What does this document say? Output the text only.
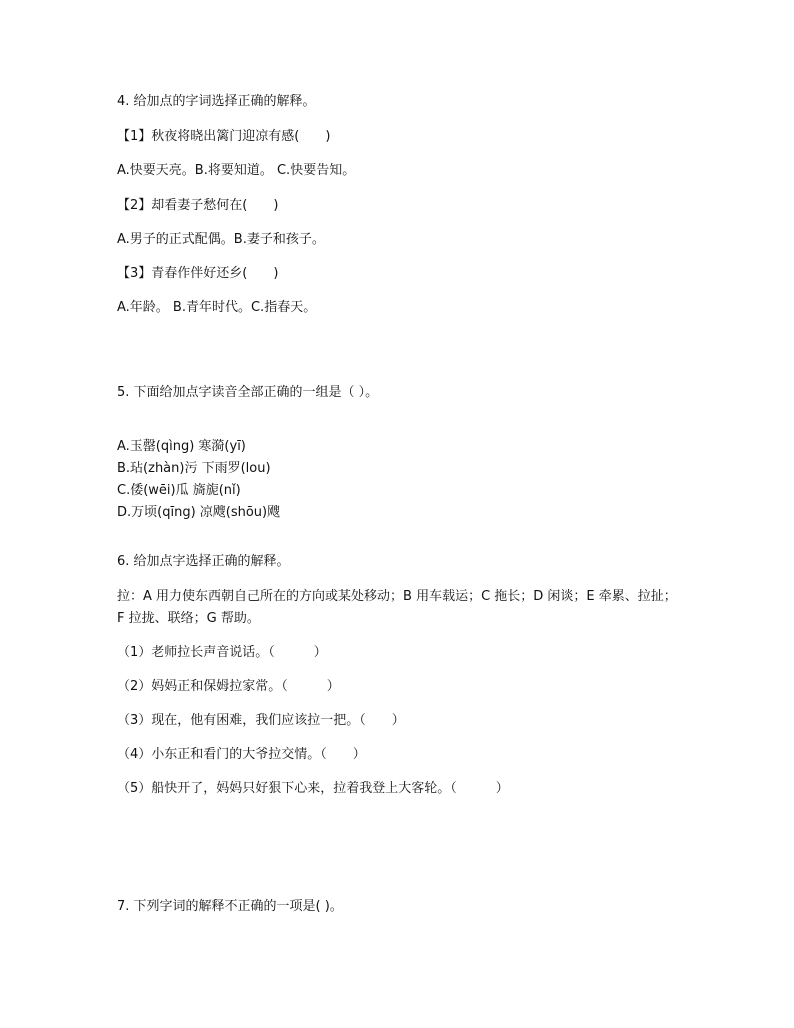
4. 给加点的字词选择正确的解释。
【1】秋夜将晓出篱门迎凉有感(　　)
A.快要天亮。B.将要知道。 C.快要告知。
【2】却看妻子愁何在(　　)
A.男子的正式配偶。B.妻子和孩子。
【3】青春作伴好还乡(　　)
A.年龄。 B.青年时代。C.指春天。
5. 下面给加点字读音全部正确的一组是（ ）。
A.玉罄(qìng) 寒漪(yī)
B.玷(zhàn)污 下雨罗(lou)
C.倭(wēi)瓜 旖旎(nǐ)
D.万顷(qīng) 凉飕(shōu)飕
6. 给加点字选择正确的解释。
拉：A 用力使东西朝自己所在的方向或某处移动；B 用车载运；C 拖长；D 闲谈；E 牵累、拉扯；F 拉拢、联络；G 帮助。
（1）老师拉长声音说话。（　　　）
（2）妈妈正和保姆拉家常。（　　　）
（3）现在，他有困难，我们应该拉一把。（　　）
（4）小东正和看门的大爷拉交情。（　　）
（5）船快开了，妈妈只好狠下心来，拉着我登上大客轮。（　　　）
7. 下列字词的解释不正确的一项是( )。
